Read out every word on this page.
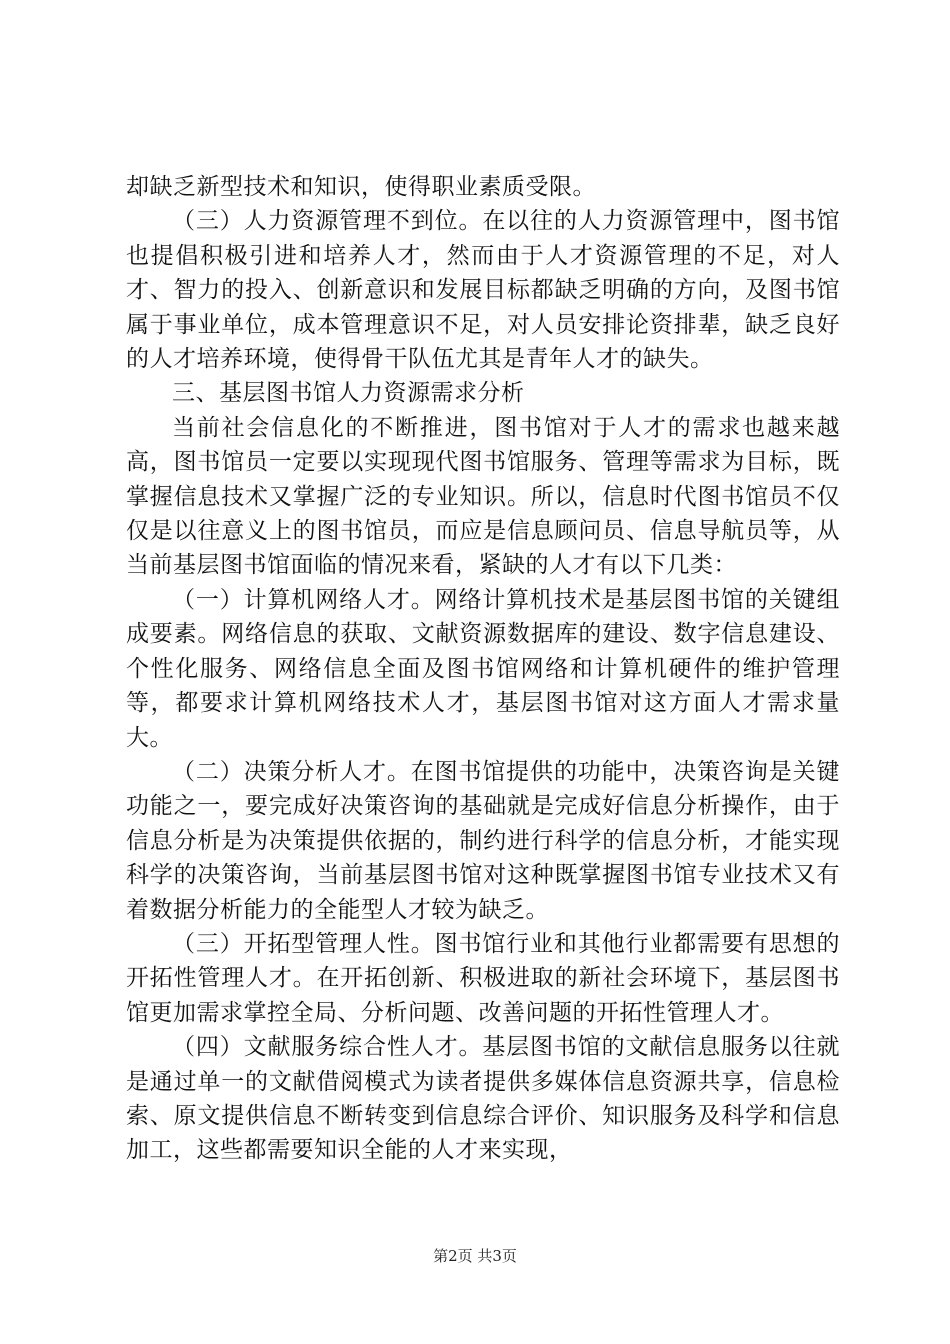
却缺乏新型技术和知识，使得职业素质受限。

（三）人力资源管理不到位。在以往的人力资源管理中，图书馆也提倡积极引进和培养人才，然而由于人才资源管理的不足，对人才、智力的投入、创新意识和发展目标都缺乏明确的方向，及图书馆属于事业单位，成本管理意识不足，对人员安排论资排辈，缺乏良好的人才培养环境，使得骨干队伍尤其是青年人才的缺失。

三、基层图书馆人力资源需求分析

当前社会信息化的不断推进，图书馆对于人才的需求也越来越高，图书馆员一定要以实现现代图书馆服务、管理等需求为目标，既掌握信息技术又掌握广泛的专业知识。所以，信息时代图书馆员不仅仅是以往意义上的图书馆员，而应是信息顾问员、信息导航员等，从当前基层图书馆面临的情况来看，紧缺的人才有以下几类：

（一）计算机网络人才。网络计算机技术是基层图书馆的关键组成要素。网络信息的获取、文献资源数据库的建设、数字信息建设、个性化服务、网络信息全面及图书馆网络和计算机硬件的维护管理等，都要求计算机网络技术人才，基层图书馆对这方面人才需求量大。

（二）决策分析人才。在图书馆提供的功能中，决策咨询是关键功能之一，要完成好决策咨询的基础就是完成好信息分析操作，由于信息分析是为决策提供依据的，制约进行科学的信息分析，才能实现科学的决策咨询，当前基层图书馆对这种既掌握图书馆专业技术又有着数据分析能力的全能型人才较为缺乏。

（三）开拓型管理人性。图书馆行业和其他行业都需要有思想的开拓性管理人才。在开拓创新、积极进取的新社会环境下，基层图书馆更加需求掌控全局、分析问题、改善问题的开拓性管理人才。

（四）文献服务综合性人才。基层图书馆的文献信息服务以往就是通过单一的文献借阅模式为读者提供多媒体信息资源共享，信息检索、原文提供信息不断转变到信息综合评价、知识服务及科学和信息加工，这些都需要知识全能的人才来实现，

第2页 共3页
